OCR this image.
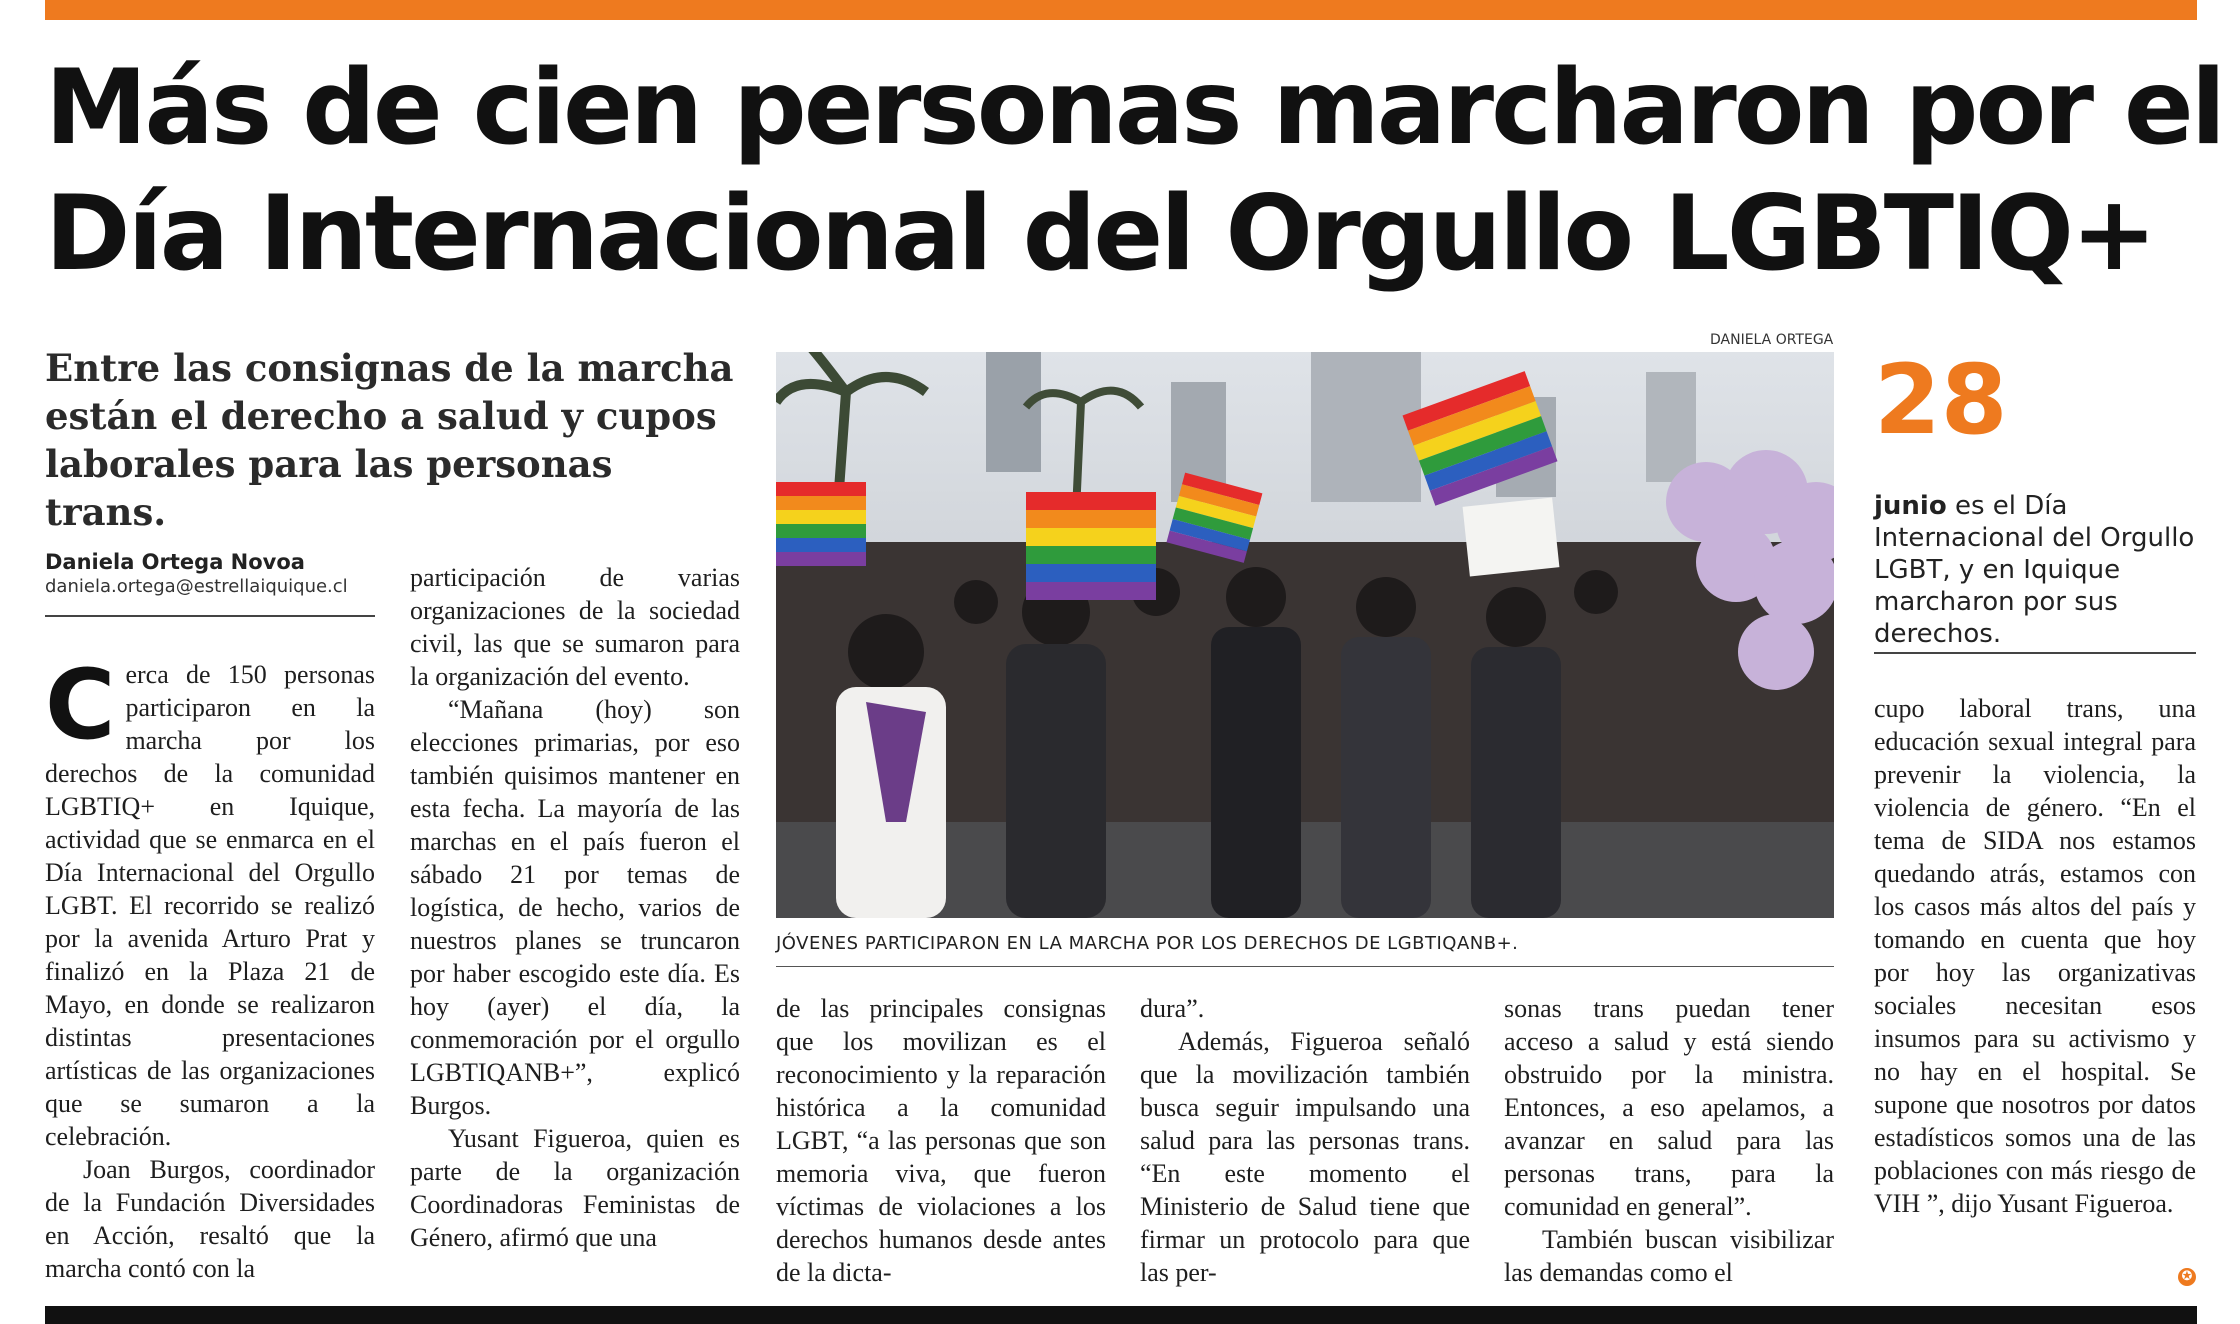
Más de cien personas marcharon por el
Día Internacional del Orgullo LGBTIQ+
Entre las consignas de la marcha
están el derecho a salud y cupos
laborales para las personas trans.
Daniela Ortega Novoa
daniela.ortega@estrellaiquique.cl

Cerca de 150 personas participaron en la marcha por los derechos de la comunidad LGBTIQ+ en Iquique, actividad que se enmarca en el Día Internacional del Orgullo LGBT. El recorrido se realizó por la avenida Arturo Prat y finalizó en la Plaza 21 de Mayo, en donde se realizaron distintas presentaciones artísticas de las organizaciones que se sumaron a la celebración.

Joan Burgos, coordinador de la Fundación Diversidades en Acción, resaltó que la marcha contó con la

participación de varias organizaciones de la sociedad civil, las que se sumaron para la organización del evento.

“Mañana (hoy) son elecciones primarias, por eso también quisimos mantener en esta fecha. La mayoría de las marchas en el país fueron el sábado 21 por temas de logística, de hecho, varios de nuestros planes se truncaron por haber escogido este día. Es hoy (ayer) el día, la conmemoración por el orgullo LGBTIQANB+”, explicó Burgos.

Yusant Figueroa, quien es parte de la organización Coordinadoras Feministas de Género, afirmó que una

DANIELA ORTEGA
JÓVENES PARTICIPARON EN LA MARCHA POR LOS DERECHOS DE LGBTIQANB+.

de las principales consignas que los movilizan es el reconocimiento y la reparación histórica a la comunidad LGBT, “a las personas que son memoria viva, que fueron víctimas de violaciones a los derechos humanos desde antes de la dicta-

dura”.

Además, Figueroa señaló que la movilización también busca seguir impulsando una salud para las personas trans. “En este momento el Ministerio de Salud tiene que firmar un protocolo para que las per-

sonas trans puedan tener acceso a salud y está siendo obstruido por la ministra. Entonces, a eso apelamos, a avanzar en salud para las personas trans, para la comunidad en general”.

También buscan visibilizar las demandas como el

28
junio es el Día Internacional del Orgullo LGBT, y en Iquique marcharon por sus derechos.

cupo laboral trans, una educación sexual integral para prevenir la violencia, la violencia de género. “En el tema de SIDA nos estamos quedando atrás, estamos con los casos más altos del país y tomando en cuenta que hoy por hoy las organizativas sociales necesitan esos insumos para su activismo y no hay en el hospital. Se supone que nosotros por datos estadísticos somos una de las poblaciones con más riesgo de VIH ”, dijo Yusant Figueroa.

✪
